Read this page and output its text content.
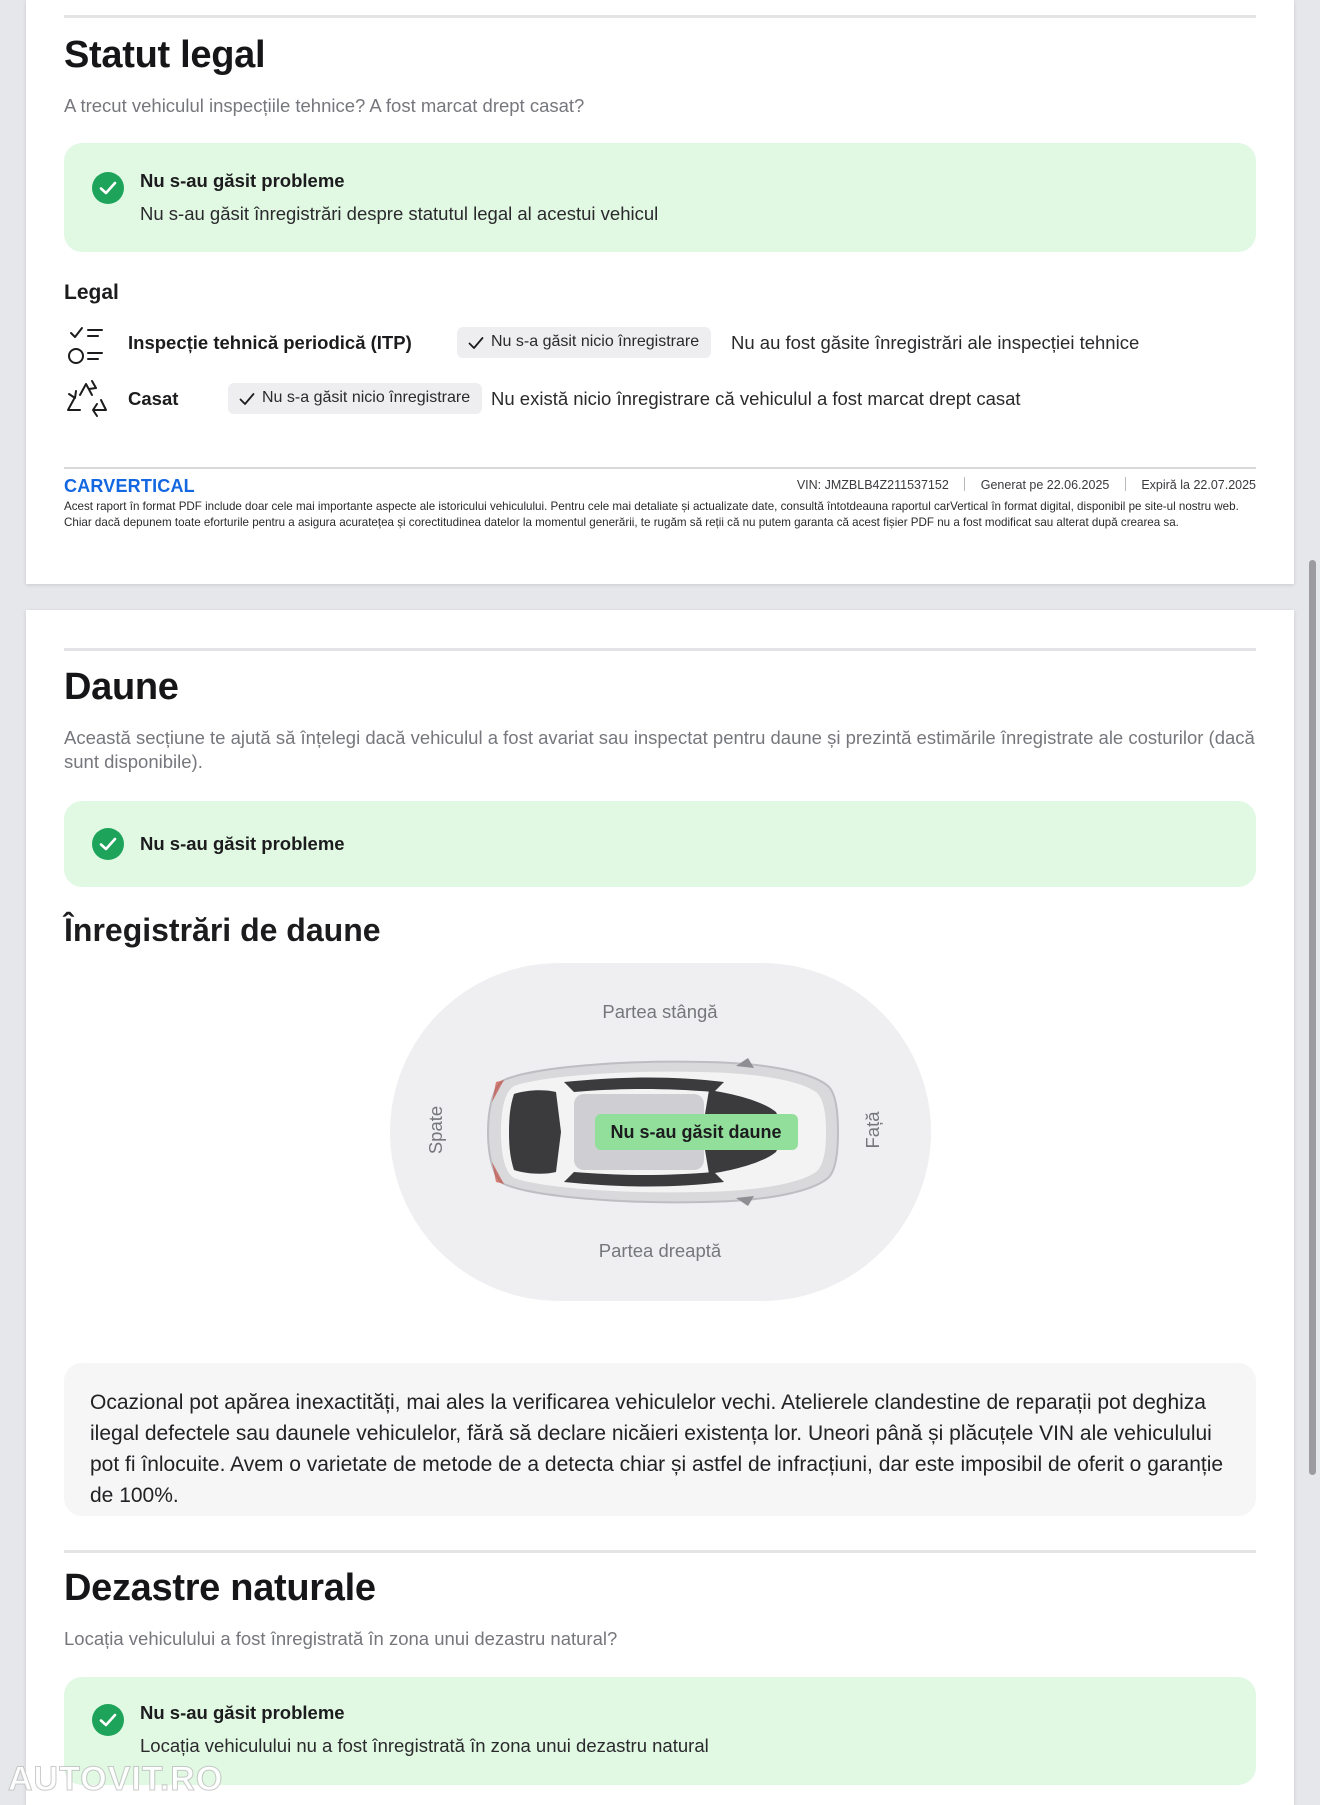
Statut legal
A trecut vehiculul inspecțiile tehnice? A fost marcat drept casat?
Nu s-au găsit probleme
Nu s-au găsit înregistrări despre statutul legal al acestui vehicul
Legal
Inspecție tehnică periodică (ITP)	Nu s-a găsit nicio înregistrare	Nu au fost găsite înregistrări ale inspecției tehnice
Casat	Nu s-a găsit nicio înregistrare	Nu există nicio înregistrare că vehiculul a fost marcat drept casat
CARVERTICAL	VIN: JMZBLB4Z211537152	Generat pe 22.06.2025	Expiră la 22.07.2025
Acest raport în format PDF include doar cele mai importante aspecte ale istoricului vehiculului. Pentru cele mai detaliate și actualizate date, consultă întotdeauna raportul carVertical în format digital, disponibil pe site-ul nostru web. Chiar dacă depunem toate eforturile pentru a asigura acuratețea și corectitudinea datelor la momentul generării, te rugăm să reții că nu putem garanta că acest fișier PDF nu a fost modificat sau alterat după crearea sa.
Daune
Această secțiune te ajută să înțelegi dacă vehiculul a fost avariat sau inspectat pentru daune și prezintă estimările înregistrate ale costurilor (dacă sunt disponibile).
Nu s-au găsit probleme
Înregistrări de daune
Nu s-au găsit daune
Partea stângă
Partea dreaptă
Spate	Față
Ocazional pot apărea inexactități, mai ales la verificarea vehiculelor vechi. Atelierele clandestine de reparații pot deghiza ilegal defectele sau daunele vehiculelor, fără să declare nicăieri existența lor. Uneori până și plăcuțele VIN ale vehiculului pot fi înlocuite. Avem o varietate de metode de a detecta chiar și astfel de infracțiuni, dar este imposibil de oferit o garanție de 100%.
Dezastre naturale
Locația vehiculului a fost înregistrată în zona unui dezastru natural?
Nu s-au găsit probleme
Locația vehiculului nu a fost înregistrată în zona unui dezastru natural
AUTOVIT.RO
